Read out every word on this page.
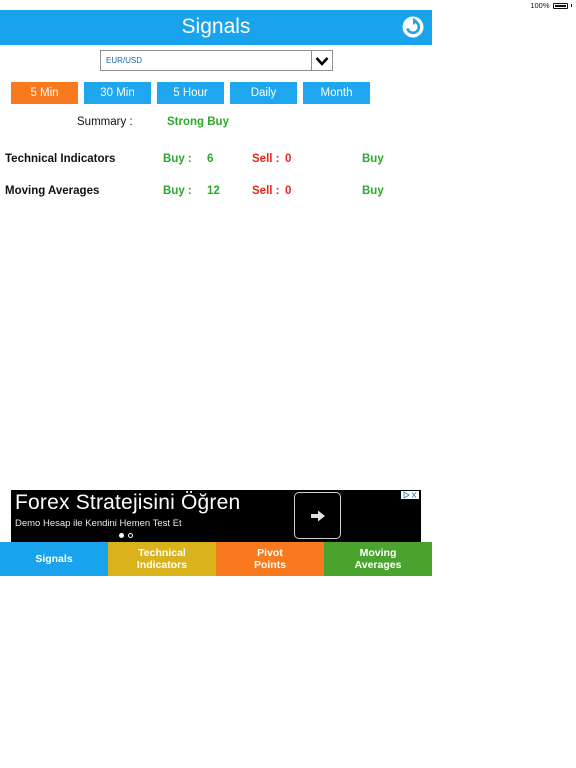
100%
Signals
EUR/USD
5 Min	30 Min	5 Hour	Daily	Month
Summary :	Strong Buy
Technical Indicators	Buy : 6	Sell : 0	Buy
Moving Averages	Buy : 12	Sell : 0	Buy
Forex Stratejisini Öğren
Demo Hesap ile Kendini Hemen Test Et
Signals	Technical
Indicators
Pivot
Points
Moving
Averages
